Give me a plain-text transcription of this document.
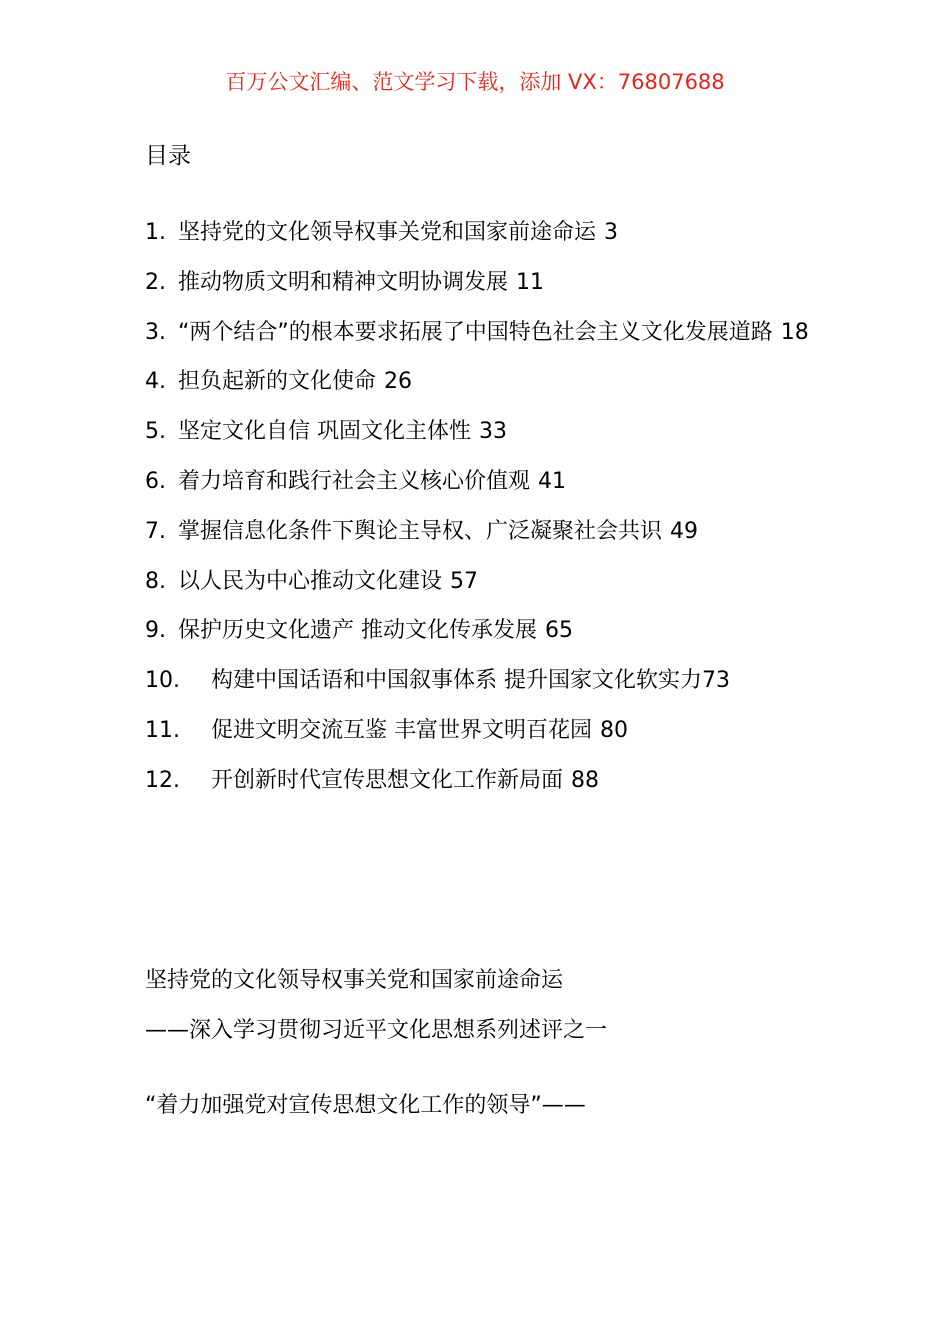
百万公文汇编、范文学习下载，添加 VX：76807688
目录
1. 坚持党的文化领导权事关党和国家前途命运 3
2. 推动物质文明和精神文明协调发展 11
3. “两个结合”的根本要求拓展了中国特色社会主义文化发展道路 18
4. 担负起新的文化使命 26
5. 坚定文化自信 巩固文化主体性 33
6. 着力培育和践行社会主义核心价值观 41
7. 掌握信息化条件下舆论主导权、广泛凝聚社会共识 49
8. 以人民为中心推动文化建设 57
9. 保护历史文化遗产 推动文化传承发展 65
10. 构建中国话语和中国叙事体系 提升国家文化软实力73
11. 促进文明交流互鉴 丰富世界文明百花园 80
12. 开创新时代宣传思想文化工作新局面 88
坚持党的文化领导权事关党和国家前途命运
——深入学习贯彻习近平文化思想系列述评之一
“着力加强党对宣传思想文化工作的领导”——
